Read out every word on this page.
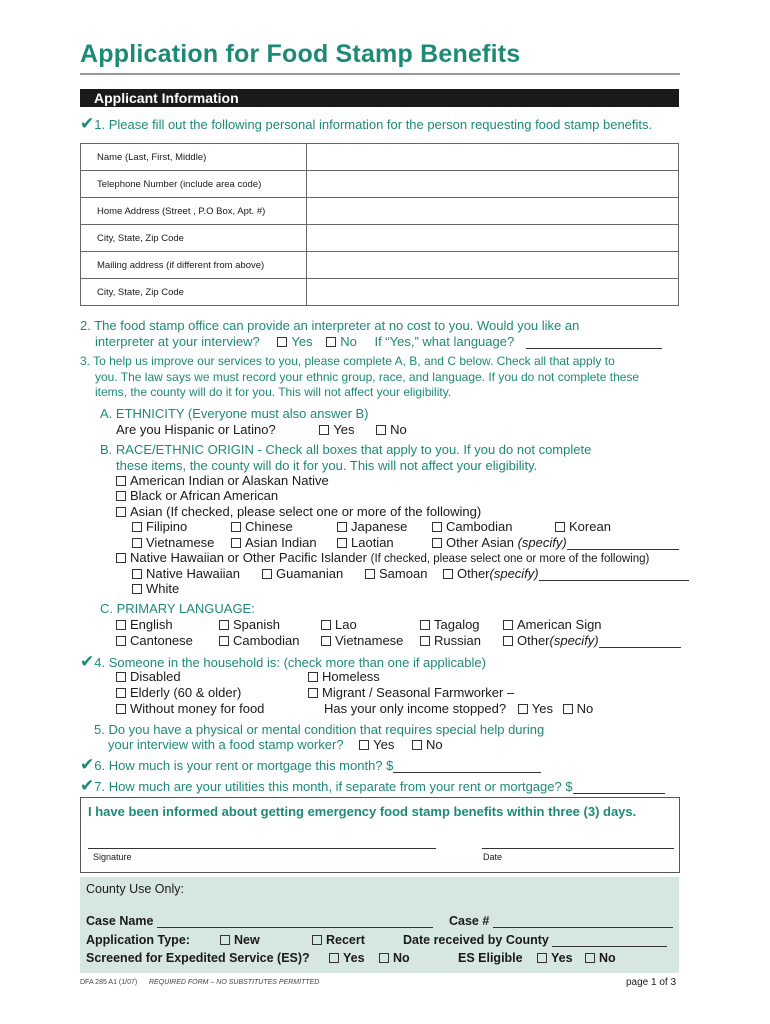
Application for Food Stamp Benefits
Applicant Information
✔1. Please fill out the following personal information for the person requesting food stamp benefits.
Name (Last, First, Middle)	
Telephone Number (include area code)	
Home Address (Street , P.O Box, Apt. #)	
City, State, Zip Code	
Mailing address (if different from above)	
City, State, Zip Code	
2. The food stamp office can provide an interpreter at no cost to you. Would you like an
interpreter at your interview? Yes No If “Yes,” what language?
3. To help us improve our services to you, please complete A, B, and C below. Check all that apply to
you. The law says we must record your ethnic group, race, and language. If you do not complete these
items, the county will do it for you. This will not affect your eligibility.
A. ETHNICITY (Everyone must also answer B)
Are you Hispanic or Latino?	Yes	No
B. RACE/ETHNIC ORIGIN - Check all boxes that apply to you. If you do not complete
these items, the county will do it for you. This will not affect your eligibility.
American Indian or Alaskan Native
Black or African American
Asian (If checked, please select one or more of the following)
Filipino	Chinese	Japanese	Cambodian	Korean
Vietnamese	Asian Indian	Laotian	Other Asian (specify)
Native Hawaiian or Other Pacific Islander (If checked, please select one or more of the following)
Native Hawaiian	Guamanian	Samoan	Other(specify)
White
C. PRIMARY LANGUAGE:
English	Spanish	Lao	Tagalog	American Sign
Cantonese	Cambodian	Vietnamese	Russian	Other(specify)
✔4. Someone in the household is: (check more than one if applicable)
Disabled	Homeless
Elderly (60 & older)	Migrant / Seasonal Farmworker –
Without money for food	Has your only income stopped? Yes No
5. Do you have a physical or mental condition that requires special help during
your interview with a food stamp worker? Yes No
✔6. How much is your rent or mortgage this month? $
✔7. How much are your utilities this month, if separate from your rent or mortgage? $
I have been informed about getting emergency food stamp benefits within three (3) days.
Signature	Date
County Use Only:
Case Name	Case #
Application Type:	New	Recert	Date received by County
Screened for Expedited Service (ES)?	Yes	No	ES Eligible	Yes	No
DFA 285 A1 (1/07) REQUIRED FORM – NO SUBSTITUTES PERMITTED	page 1 of 3
